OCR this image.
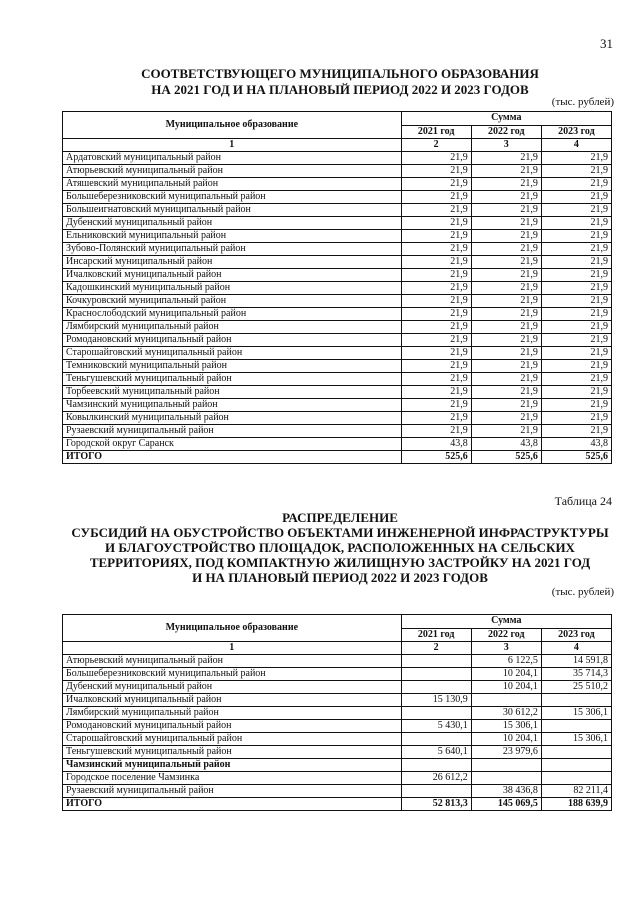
31
СООТВЕТСТВУЮЩЕГО МУНИЦИПАЛЬНОГО ОБРАЗОВАНИЯ
НА 2021 ГОД И НА ПЛАНОВЫЙ ПЕРИОД 2022 И 2023 ГОДОВ
(тыс. рублей)
Муниципальное образование	Сумма		
	2021 год	2022 год	2023 год
1	2	3	4
Ардатовский муниципальный район	21,9	21,9	21,9
Атюрьевский муниципальный район	21,9	21,9	21,9
Атяшевский муниципальный район	21,9	21,9	21,9
Большеберезниковский муниципальный район	21,9	21,9	21,9
Большеигнатовский муниципальный район	21,9	21,9	21,9
Дубенский муниципальный район	21,9	21,9	21,9
Ельниковский муниципальный район	21,9	21,9	21,9
Зубово-Полянский муниципальный район	21,9	21,9	21,9
Инсарский муниципальный район	21,9	21,9	21,9
Ичалковский муниципальный район	21,9	21,9	21,9
Кадошкинский муниципальный район	21,9	21,9	21,9
Кочкуровский муниципальный район	21,9	21,9	21,9
Краснослободский муниципальный район	21,9	21,9	21,9
Лямбирский муниципальный район	21,9	21,9	21,9
Ромодановский муниципальный район	21,9	21,9	21,9
Старошайговский муниципальный район	21,9	21,9	21,9
Темниковский муниципальный район	21,9	21,9	21,9
Теньгушевский муниципальный район	21,9	21,9	21,9
Торбеевский муниципальный район	21,9	21,9	21,9
Чамзинский муниципальный район	21,9	21,9	21,9
Ковылкинский муниципальный район	21,9	21,9	21,9
Рузаевский муниципальный район	21,9	21,9	21,9
Городской округ Саранск	43,8	43,8	43,8
ИТОГО	525,6	525,6	525,6
Таблица 24
РАСПРЕДЕЛЕНИЕ
СУБСИДИЙ НА ОБУСТРОЙСТВО ОБЪЕКТАМИ ИНЖЕНЕРНОЙ ИНФРАСТРУКТУРЫ
И БЛАГОУСТРОЙСТВО ПЛОЩАДОК, РАСПОЛОЖЕННЫХ НА СЕЛЬСКИХ
ТЕРРИТОРИЯХ, ПОД КОМПАКТНУЮ ЖИЛИЩНУЮ ЗАСТРОЙКУ НА 2021 ГОД
И НА ПЛАНОВЫЙ ПЕРИОД 2022 И 2023 ГОДОВ
(тыс. рублей)
Муниципальное образование	Сумма		
	2021 год	2022 год	2023 год
1	2	3	4
Атюрьевский муниципальный район		6 122,5	14 591,8
Большеберезниковский муниципальный район		10 204,1	35 714,3
Дубенский муниципальный район		10 204,1	25 510,2
Ичалковский муниципальный район	15 130,9		
Лямбирский муниципальный район		30 612,2	15 306,1
Ромодановский муниципальный район	5 430,1	15 306,1	
Старошайговский муниципальный район		10 204,1	15 306,1
Теньгушевский муниципальный район	5 640,1	23 979,6	
Чамзинский муниципальный район			
Городское поселение Чамзинка	26 612,2		
Рузаевский муниципальный район		38 436,8	82 211,4
ИТОГО	52 813,3	145 069,5	188 639,9
